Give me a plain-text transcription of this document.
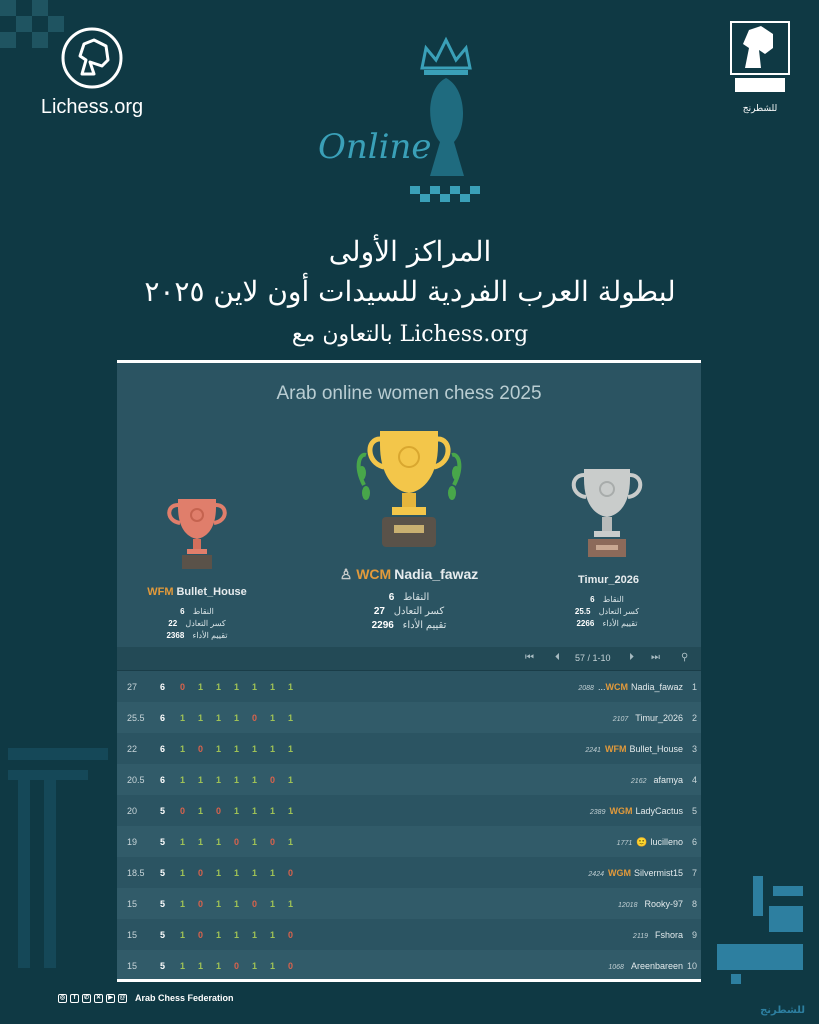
Lichess.org	للشطرنج
Online
المراكز الأولى
لبطولة العرب الفردية للسيدات أون لاين ٢٠٢٥
بالتعاون مع Lichess.org
Arab online women chess 2025
♙ WCM Nadia_fawaz
النقاط 6
كسر التعادل 27
تقييم الأداء 2296
Timur_2026
النقاط 6
كسر التعادل 25.5
تقييم الأداء 2266
WFM Bullet_House
النقاط 6
كسر التعادل 22
تقييم الأداء 2368
⏮ ⏴ 57 / 1-10 ⏵ ⏭ ⚲
27	6 0 1 1 1 1 1 1	2088 ...WCM Nadia_fawaz 1
25.5 6 1 1 1 1 0 1 1	2107 Timur_2026 2
22	6 1 0 1 1 1 1 1	2241 WFM Bullet_House 3
20.5 6 1 1 1 1 1 0 1	2162 afamya 4
20	5 0 1 0 1 1 1 1	2389 WGM LadyCactus 5
19	5 1 1 1 0 1 0 1	1771 🙂 lucilleno 6
18.5 5 1 0 1 1 1 1 0	2424 WGM Silvermist15 7
15	5 1 0 1 1 0 1 1	12018 Rooky-97 8
15	5 1 0 1 1 1 1 0	2119 Fshora 9
15	5 1 1 1 0 1 1 0	1068 Areenbareen 10
◎	f	✆	✕	▶	@ Arab Chess Federation
للشطرنج
